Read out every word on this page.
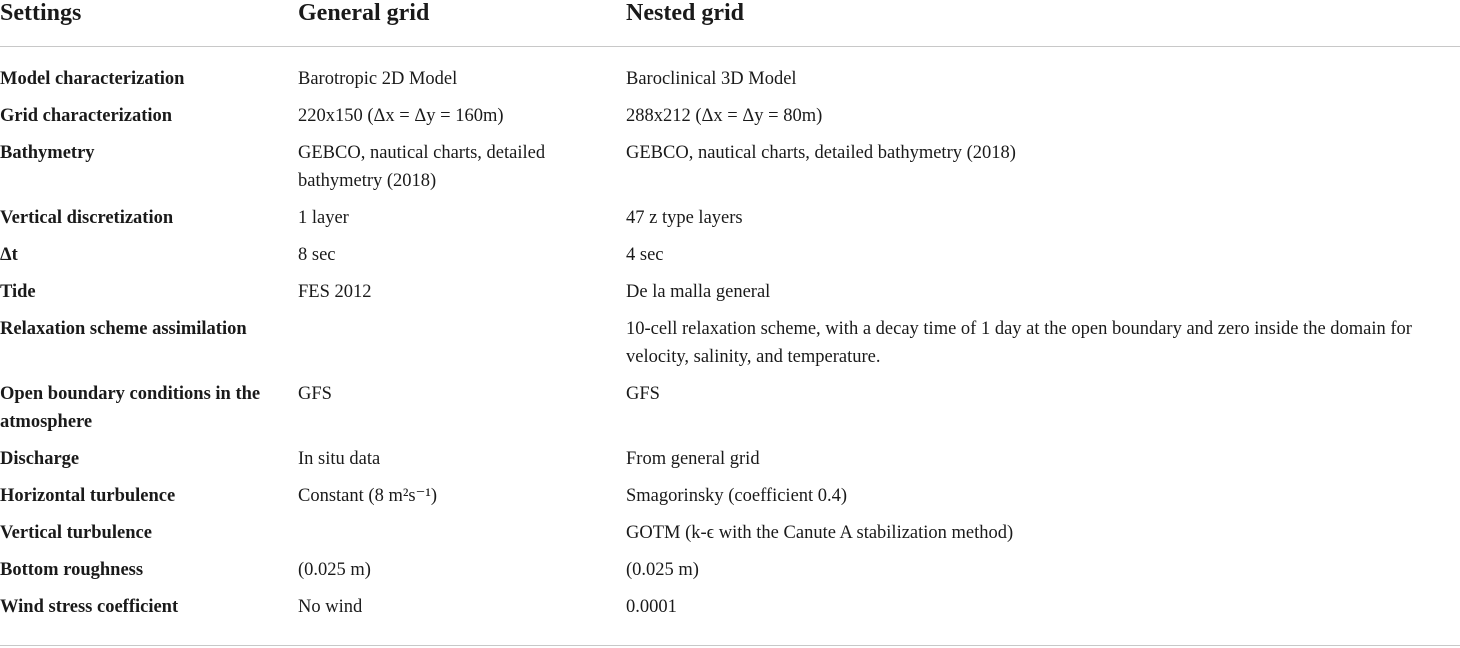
Settings	General grid	Nested grid
Model characterization	Barotropic 2D Model	Baroclinical 3D Model
Grid characterization	220x150 (Δx = Δy = 160m)	288x212 (Δx = Δy = 80m)
Bathymetry	GEBCO, nautical charts, detailed bathymetry (2018)	GEBCO, nautical charts, detailed bathymetry (2018)
Vertical discretization	1 layer	47 z type layers
Δt	8 sec	4 sec
Tide	FES 2012	De la malla general
Relaxation scheme assimilation		10-cell relaxation scheme, with a decay time of 1 day at the open boundary and zero inside the domain for velocity, salinity, and temperature.
Open boundary conditions in the atmosphere	GFS	GFS
Discharge	In situ data	From general grid
Horizontal turbulence	Constant (8 m²s⁻¹)	Smagorinsky (coefficient 0.4)
Vertical turbulence		GOTM (k-ϵ with the Canute A stabilization method)
Bottom roughness	(0.025 m)	(0.025 m)
Wind stress coefficient	No wind	0.0001
